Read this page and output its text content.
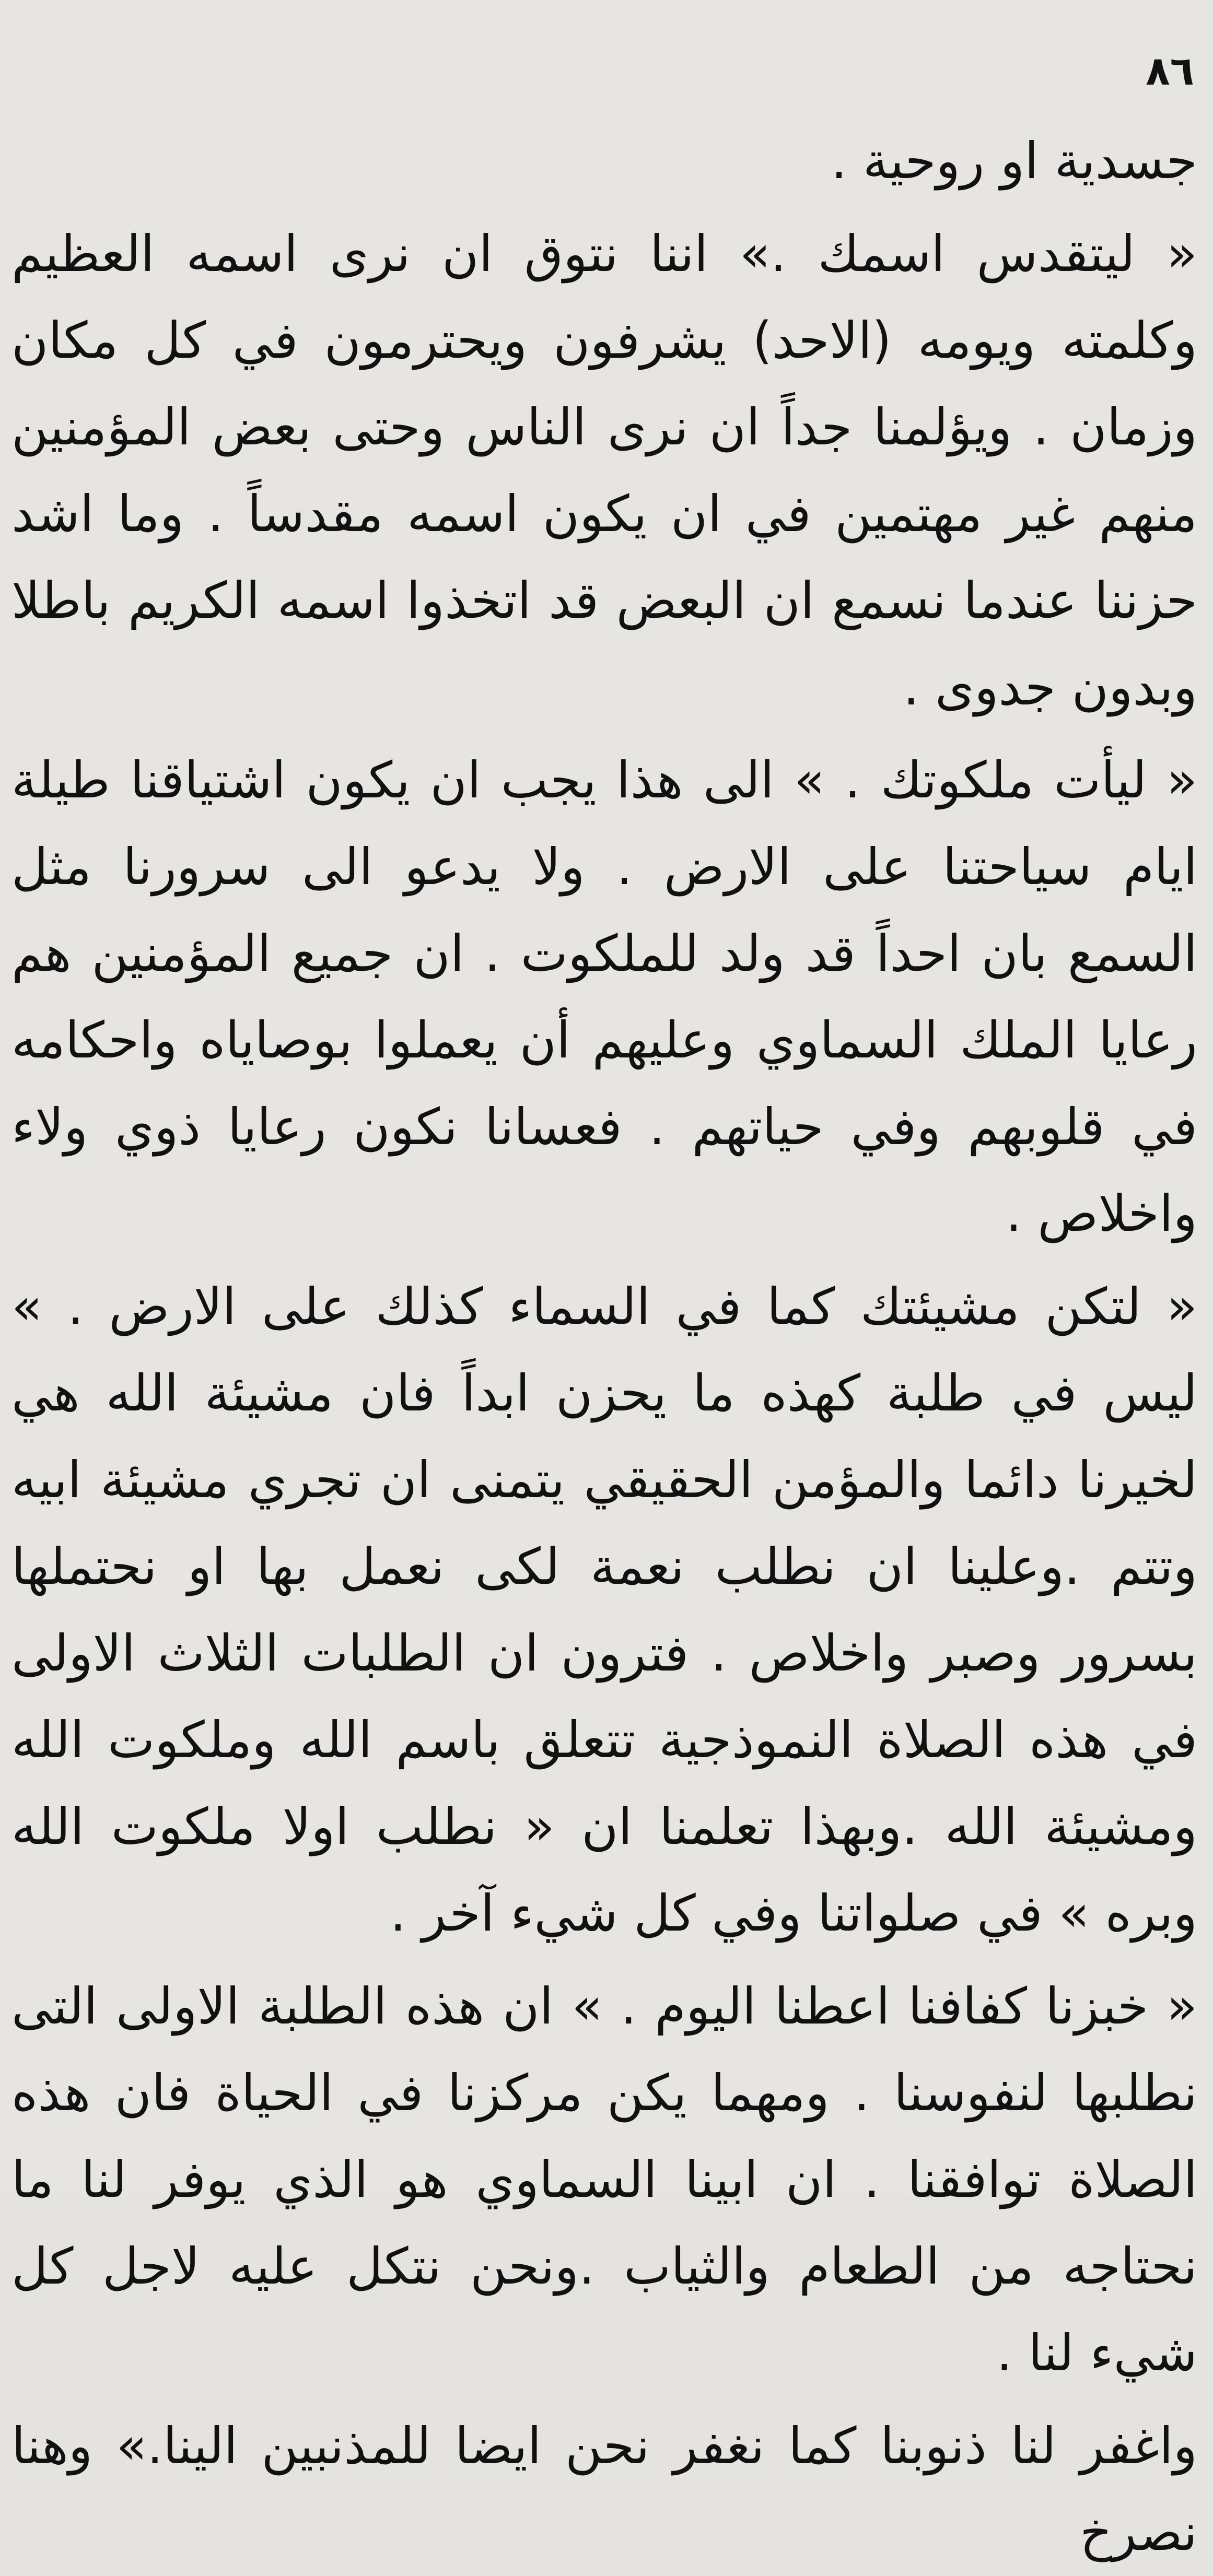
٨٦

جسدية او روحية .

« ليتقدس اسمك .» اننا نتوق ان نرى اسمه العظيم وكلمته ويومه (الاحد) يشرفون ويحترمون في كل مكان وزمان . ويؤلمنا جداً ان نرى الناس وحتى بعض المؤمنين منهم غير مهتمين في ان يكون اسمه مقدساً . وما اشد حزننا عندما نسمع ان البعض قد اتخذوا اسمه الكريم باطلا وبدون جدوى .

« ليأت ملكوتك . » الى هذا يجب ان يكون اشتياقنا طيلة ايام سياحتنا على الارض . ولا يدعو الى سرورنا مثل السمع بان احداً قد ولد للملكوت . ان جميع المؤمنين هم رعايا الملك السماوي وعليهم أن يعملوا بوصاياه واحكامه في قلوبهم وفي حياتهم . فعسانا نكون رعايا ذوي ولاء واخلاص .

« لتكن مشيئتك كما في السماء كذلك على الارض . » ليس في طلبة كهذه ما يحزن ابداً فان مشيئة الله هي لخيرنا دائما والمؤمن الحقيقي يتمنى ان تجري مشيئة ابيه وتتم .وعلينا ان نطلب نعمة لكى نعمل بها او نحتملها بسرور وصبر واخلاص . فترون ان الطلبات الثلاث الاولى في هذه الصلاة النموذجية تتعلق باسم الله وملكوت الله ومشيئة الله .وبهذا تعلمنا ان « نطلب اولا ملكوت الله وبره » في صلواتنا وفي كل شيء آخر .

« خبزنا كفافنا اعطنا اليوم . » ان هذه الطلبة الاولى التى نطلبها لنفوسنا . ومهما يكن مركزنا في الحياة فان هذه الصلاة توافقنا . ان ابينا السماوي هو الذي يوفر لنا ما نحتاجه من الطعام والثياب .ونحن نتكل عليه لاجل كل شيء لنا .

واغفر لنا ذنوبنا كما نغفر نحن ايضا للمذنبين الينا.» وهنا نصرخ
